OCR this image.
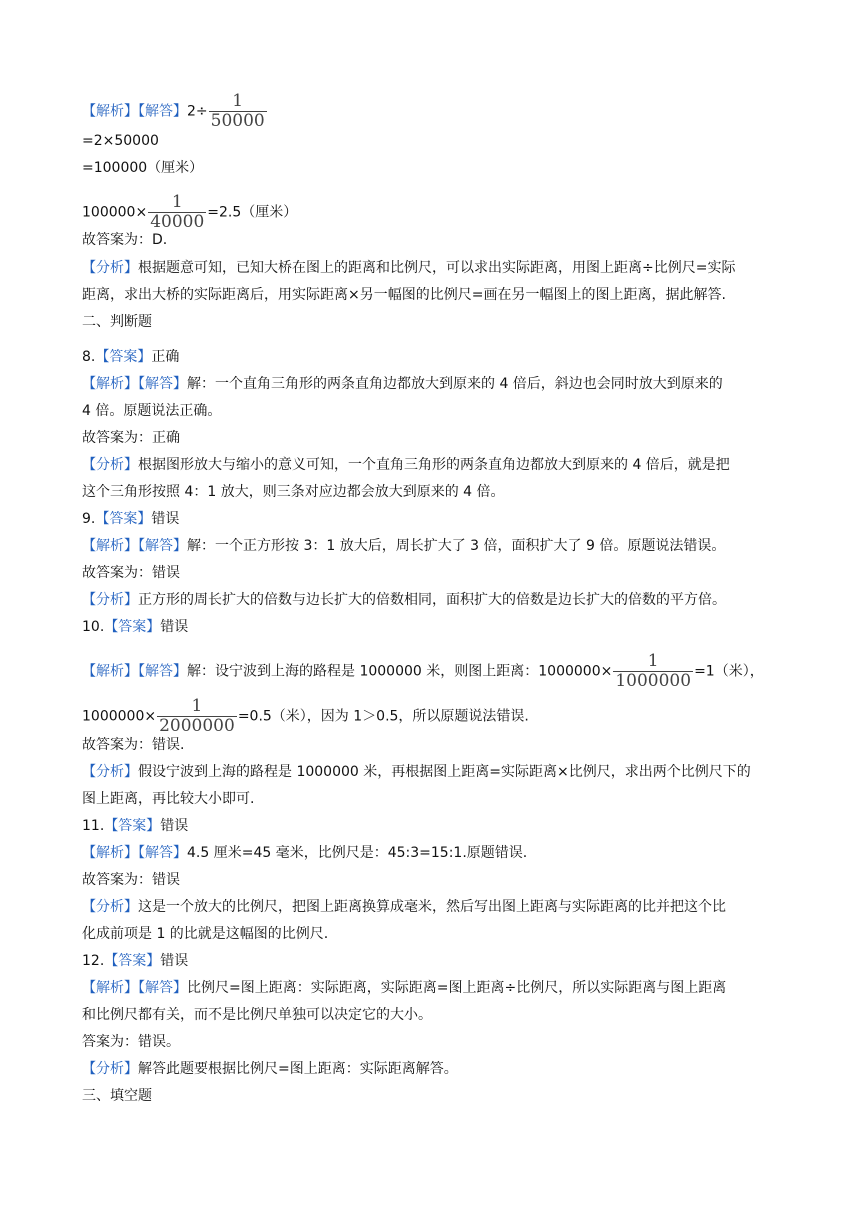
【解析】【解答】$2\div \frac{1}{50000}$
=2×50000
=100000（厘米）
$100000\times \frac{1}{40000} =2.5$（厘米）
故答案为：D.
【分析】根据题意可知，已知大桥在图上的距离和比例尺，可以求出实际距离，用图上距离÷比例尺=实际
距离，求出大桥的实际距离后，用实际距离×另一幅图的比例尺=画在另一幅图上的图上距离，据此解答.
二、判断题
8.【答案】正确
【解析】【解答】解：一个直角三角形的两条直角边都放大到原来的 4 倍后，斜边也会同时放大到原来的
4 倍。原题说法正确。
故答案为：正确
【分析】根据图形放大与缩小的意义可知，一个直角三角形的两条直角边都放大到原来的 4 倍后，就是把
这个三角形按照 4：1 放大，则三条对应边都会放大到原来的 4 倍。
9.【答案】错误
【解析】【解答】解：一个正方形按 3：1 放大后，周长扩大了 3 倍，面积扩大了 9 倍。原题说法错误。
故答案为：错误
【分析】正方形的周长扩大的倍数与边长扩大的倍数相同，面积扩大的倍数是边长扩大的倍数的平方倍。
10.【答案】错误
【解析】【解答】解：设宁波到上海的路程是 1000000 米，则图上距离：$1000000\times \frac{1}{1000000} =1$（米），
$1000000\times \frac{1}{2000000} =0.5$（米），因为 1＞0.5，所以原题说法错误.
故答案为：错误.
【分析】假设宁波到上海的路程是 1000000 米，再根据图上距离=实际距离×比例尺，求出两个比例尺下的
图上距离，再比较大小即可.
11.【答案】错误
【解析】【解答】4.5 厘米=45 毫米，比例尺是：45:3=15:1.原题错误.
故答案为：错误
【分析】这是一个放大的比例尺，把图上距离换算成毫米，然后写出图上距离与实际距离的比并把这个比
化成前项是 1 的比就是这幅图的比例尺.
12.【答案】错误
【解析】【解答】比例尺=图上距离：实际距离，实际距离=图上距离÷比例尺，所以实际距离与图上距离
和比例尺都有关，而不是比例尺单独可以决定它的大小。
答案为：错误。
【分析】解答此题要根据比例尺=图上距离：实际距离解答。
三、填空题
